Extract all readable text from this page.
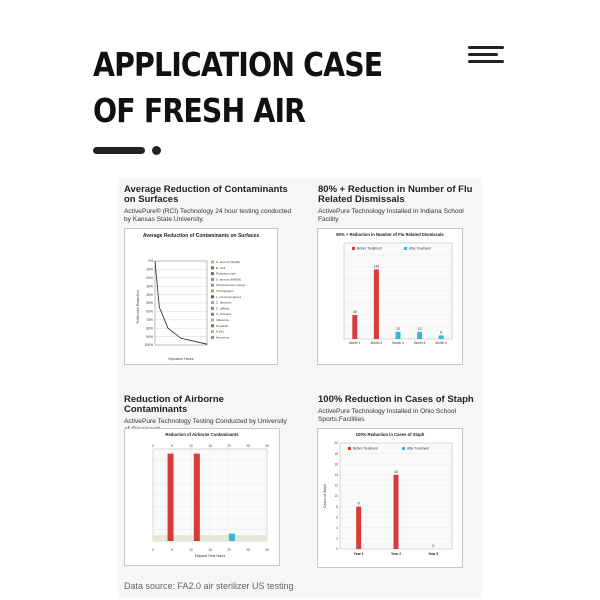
APPLICATION CASE
OF FRESH AIR
Average Reduction of Contaminants on Surfaces

ActivePure® (RCI) Technology 24 hour testing conducted by Kansas State University.

Average Reduction of Contaminants on Surfaces
0%
10%
20%
30%
40%
50%
60%
70%
80%
90%
100%
S. aureus (Staph)
E. Coli
Pseudomonas
S. aureus (MRSA)
Streptococcus (strep)
Trichophyton
L. monocytogenes
C. albicans
C. difficile
S. enterica
Influenza
Hepatitis
H1N1
Norovirus
% Microbe Reduction
Exposure Hours
80% + Reduction in Number of Flu Related Dismissals

ActivePure Technology Installed in Indiana School Facility

80% + Reduction in Number of Flu Related Dismissals
Before Treatment	After Treatment
40
Month 1
116
Month 2
12
Month 3
12
Month 4
6
Month 5
Reduction of Airborne Contaminants

ActivePure Technology Testing Conducted by University

Reduction of Airborne Contaminants
Elapsed Time Hours
0
0
5
5
10
10
15
15
20
20
25
25
30
30
100% Reduction in Cases of Staph

ActivePure Technology Installed in Ohio School Sports Facilities

100% Reduction in Cases of Staph
0
2
4
6
8
10
12
14
16
18
20
Before Treatment	After Treatment
Cases of Staph	8
Year 1
14
Year 2
0
Year 3

Data source: FA2.0 air sterilizer US testing
